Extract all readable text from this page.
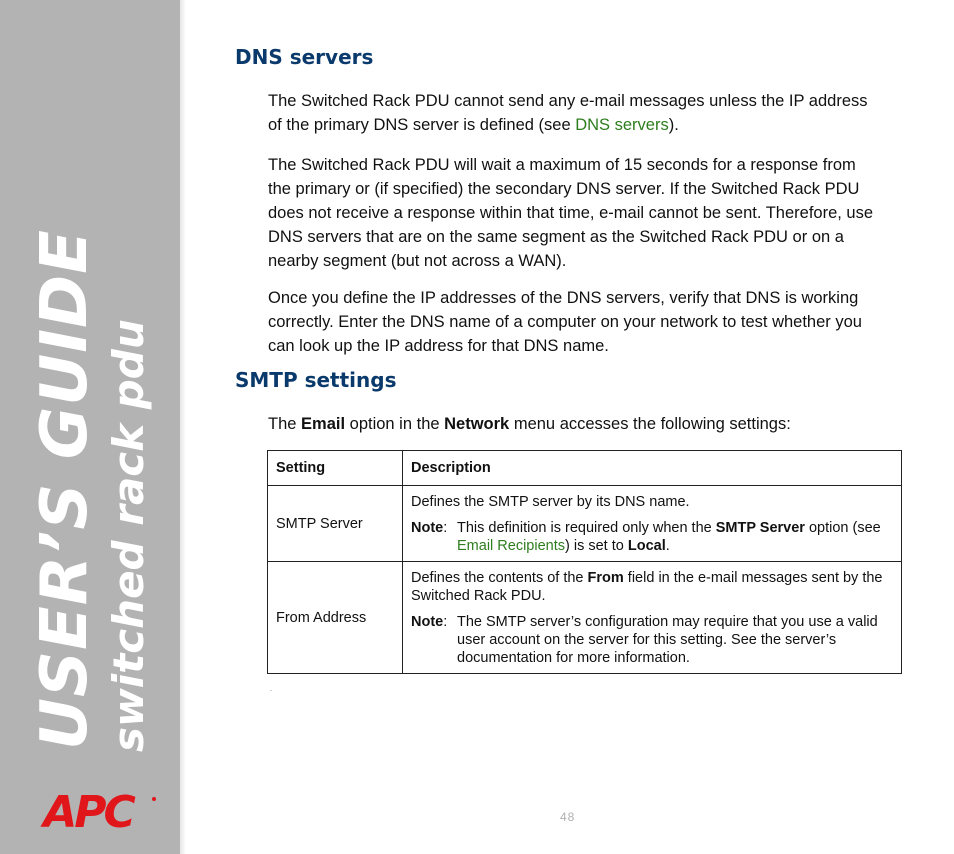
USER’S GUIDE switched rack pdu
APC
DNS servers

The Switched Rack PDU cannot send any e-mail messages unless the IP address of the primary DNS server is defined (see DNS servers).

The Switched Rack PDU will wait a maximum of 15 seconds for a response from the primary or (if specified) the secondary DNS server. If the Switched Rack PDU does not receive a response within that time, e-mail cannot be sent. Therefore, use DNS servers that are on the same segment as the Switched Rack PDU or on a nearby segment (but not across a WAN).

Once you define the IP addresses of the DNS servers, verify that DNS is working correctly. Enter the DNS name of a computer on your network to test whether you can look up the IP address for that DNS name.

SMTP settings

The Email option in the Network menu accesses the following settings:

Setting	Description
SMTP Server	Defines the SMTP server by its DNS name.

Note: This definition is required only when the SMTP Server option (see Email Recipients) is set to Local.

From Address	Defines the contents of the From field in the e-mail messages sent by the Switched Rack PDU.

Note: The SMTP server’s configuration may require that you use a valid user account on the server for this setting. See the server’s documentation for more information.
.
48
